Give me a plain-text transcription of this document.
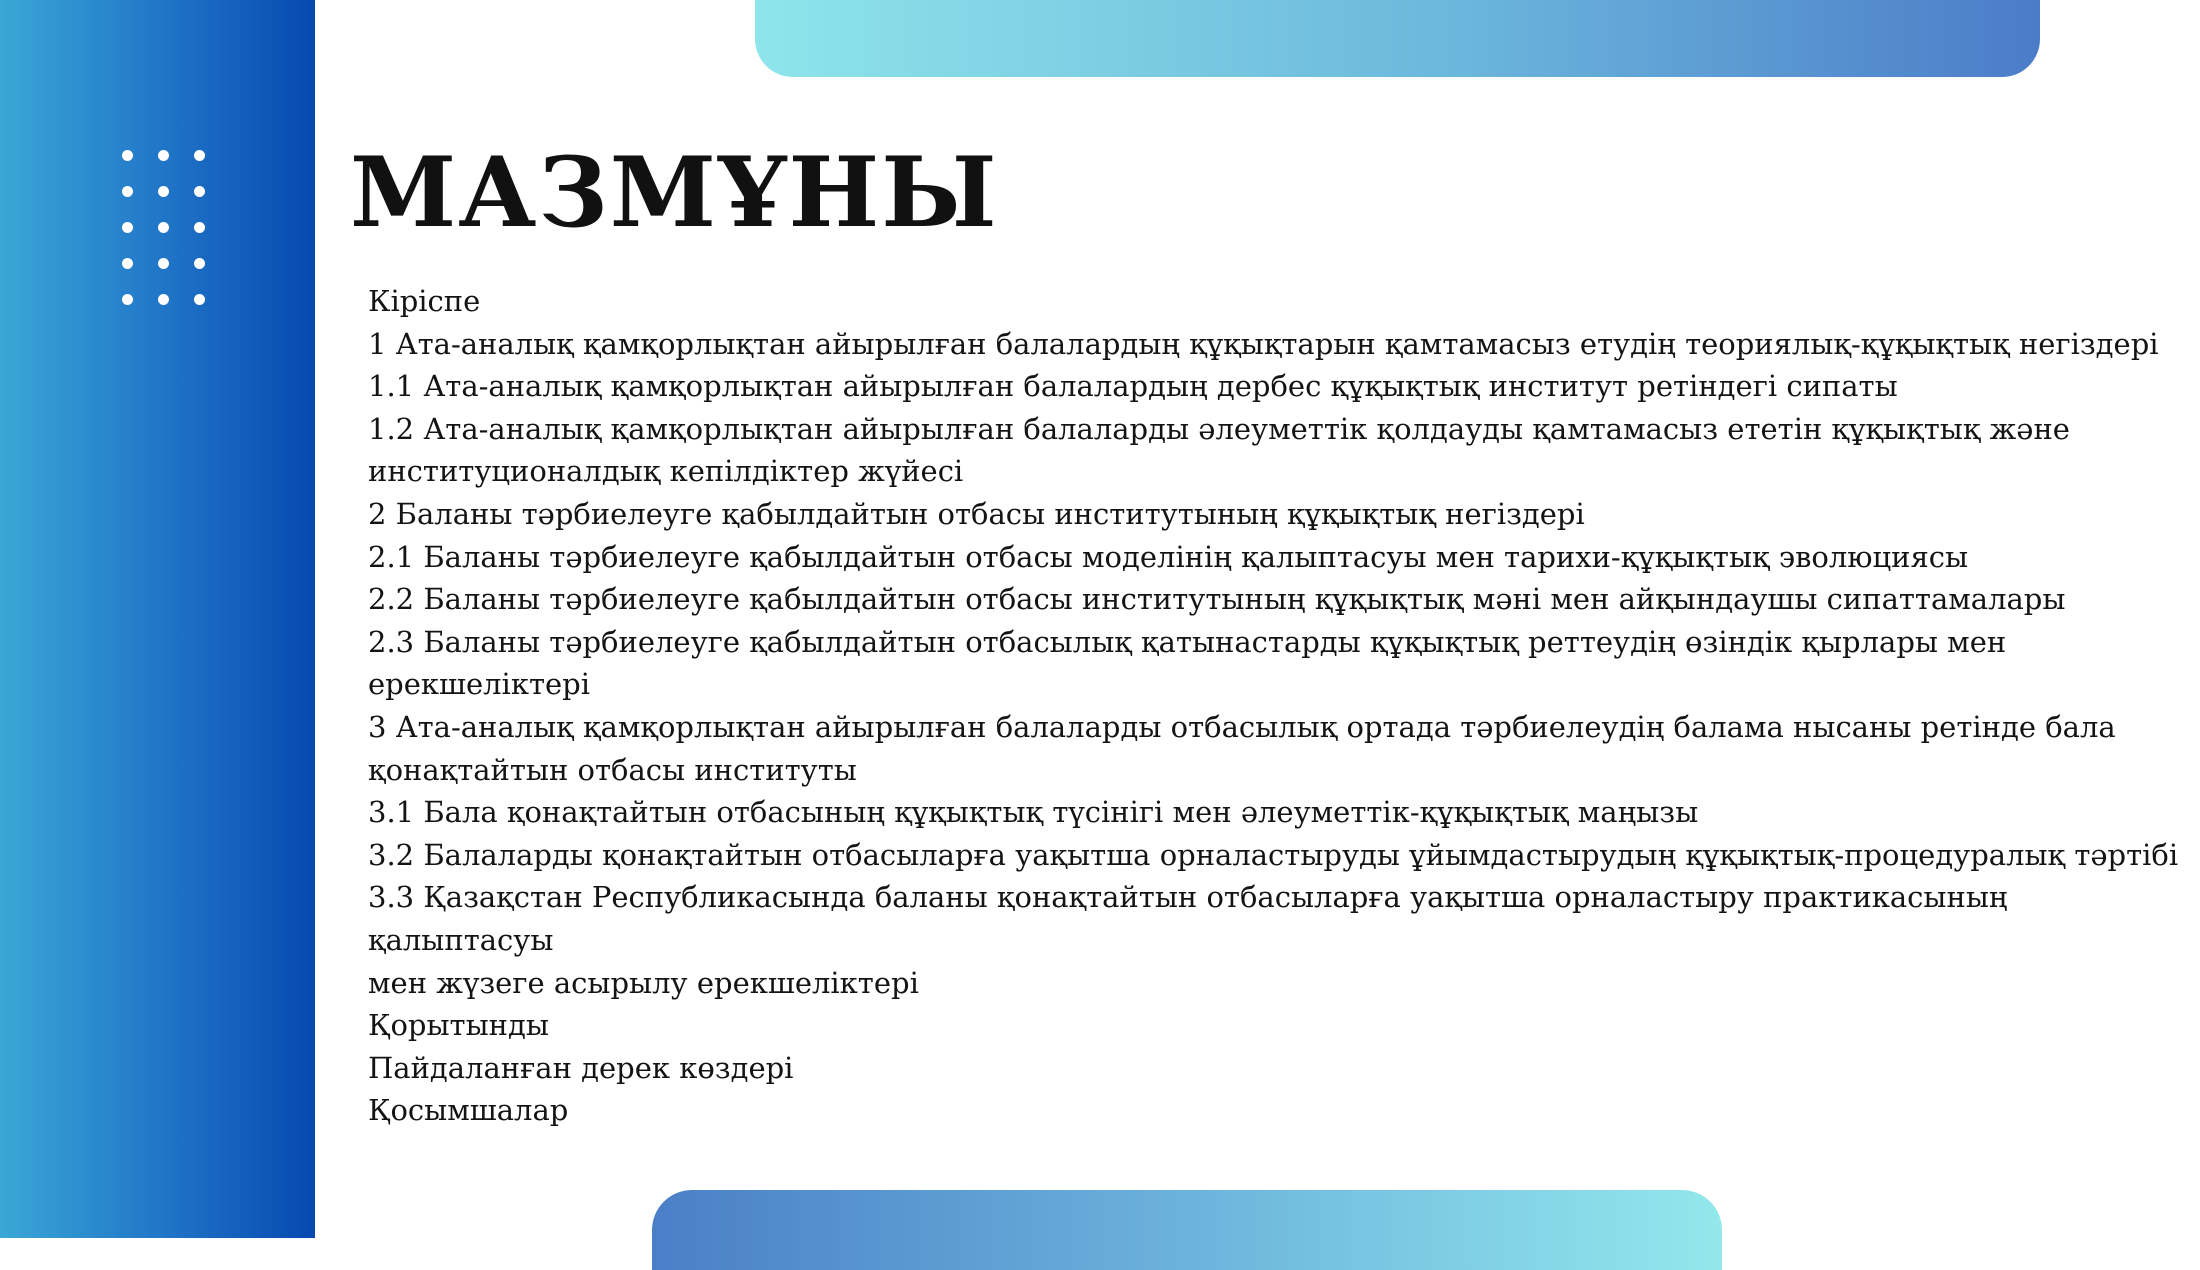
МАЗМҰНЫ
Кіріспе
1 Ата-аналық қамқорлықтан айырылған балалардың құқықтарын қамтамасыз етудің теориялық-құқықтық негіздері
1.1 Ата-аналық қамқорлықтан айырылған балалардың дербес құқықтық институт ретіндегі сипаты
1.2 Ата-аналық қамқорлықтан айырылған балаларды әлеуметтік қолдауды қамтамасыз ететін құқықтық және
институционалдық кепілдіктер жүйесі
2 Баланы тәрбиелеуге қабылдайтын отбасы институтының құқықтық негіздері
2.1 Баланы тәрбиелеуге қабылдайтын отбасы моделінің қалыптасуы мен тарихи-құқықтық эволюциясы
2.2 Баланы тәрбиелеуге қабылдайтын отбасы институтының құқықтық мәні мен айқындаушы сипаттамалары
2.3 Баланы тәрбиелеуге қабылдайтын отбасылық қатынастарды құқықтық реттеудің өзіндік қырлары мен ерекшеліктері
3 Ата-аналық қамқорлықтан айырылған балаларды отбасылық ортада тәрбиелеудің балама нысаны ретінде бала
қонақтайтын отбасы институты
3.1 Бала қонақтайтын отбасының құқықтық түсінігі мен әлеуметтік-құқықтық маңызы
3.2 Балаларды қонақтайтын отбасыларға уақытша орналастыруды ұйымдастырудың құқықтық-процедуралық тәртібі
3.3 Қазақстан Республикасында баланы қонақтайтын отбасыларға уақытша орналастыру практикасының қалыптасуы
мен жүзеге асырылу ерекшеліктері
Қорытынды
Пайдаланған дерек көздері
Қосымшалар
